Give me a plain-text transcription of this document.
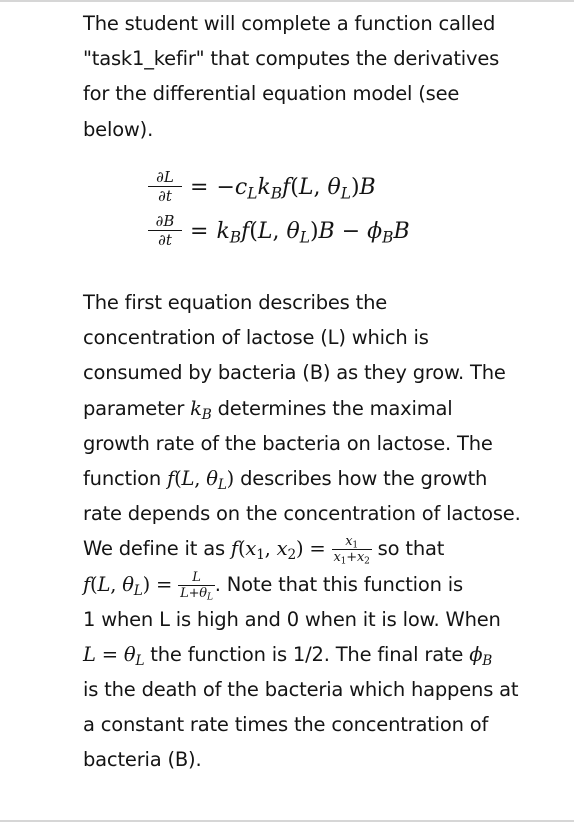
The student will complete a function called
"task1_kefir" that computes the derivatives
for the differential equation model (see
below).
$\frac{\partial L}{\partial t} = -c_Lk_Bf(L$, $\theta_L)B$
$\frac{\partial B}{\partial t} = k_Bf(L$, $\theta_L)B - \phi_BB$
The first equation describes the
concentration of lactose (L) which is
consumed by bacteria (B) as they grow. The
parameter $k_B$ determines the maximal
growth rate of the bacteria on lactose. The
function f(L, $\theta_L$) describes how the growth
rate depends on the concentration of lactose.
We define it as $f(x_1$, $x_2) = \frac{x_1}{x_1+x_2}$ so that
f(L, $\theta_L) = \frac{L}{L+\theta_L}$ . Note that this function is
1 when L is high and 0 when it is low. When
$L = \theta_L$ the function is 1/2. The final rate $\phi_B$
is the death of the bacteria which happens at
a constant rate times the concentration of
bacteria (B).
